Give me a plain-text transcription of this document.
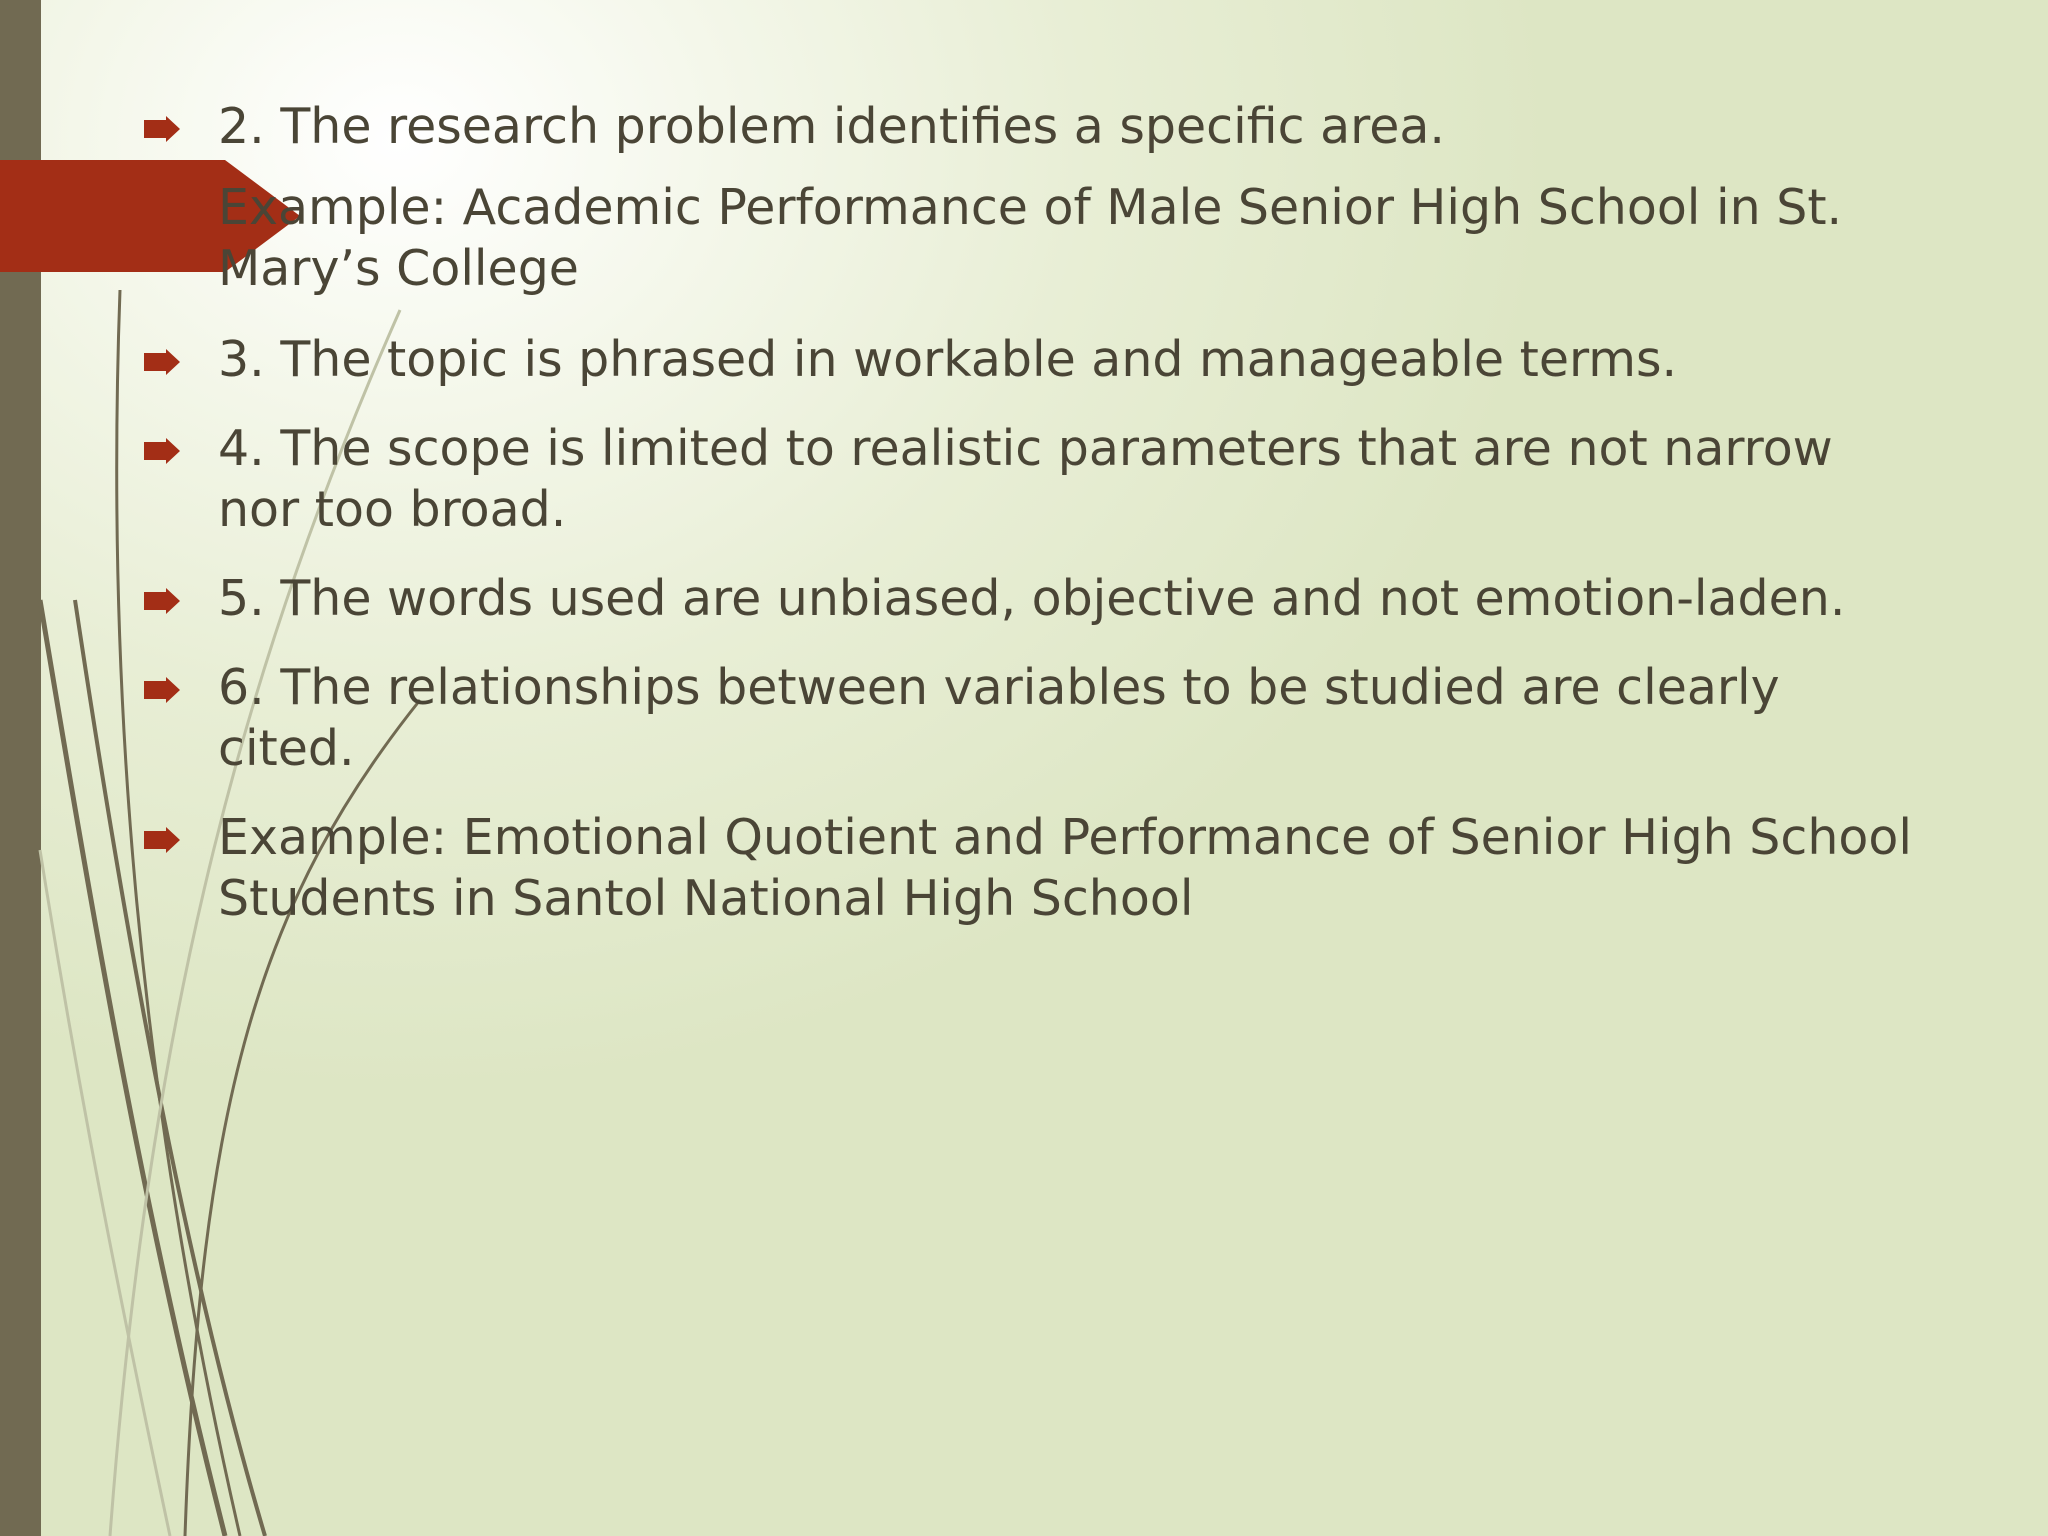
2. The research problem identifies a specific area.
Example: Academic Performance of Male Senior High School in St. Mary’s College
3. The topic is phrased in workable and manageable terms.
4. The scope is limited to realistic parameters that are not narrow nor too broad.
5. The words used are unbiased, objective and not emotion-laden.
6. The relationships between variables to be studied are clearly cited.
Example: Emotional Quotient and Performance of Senior High School Students in Santol National High School
